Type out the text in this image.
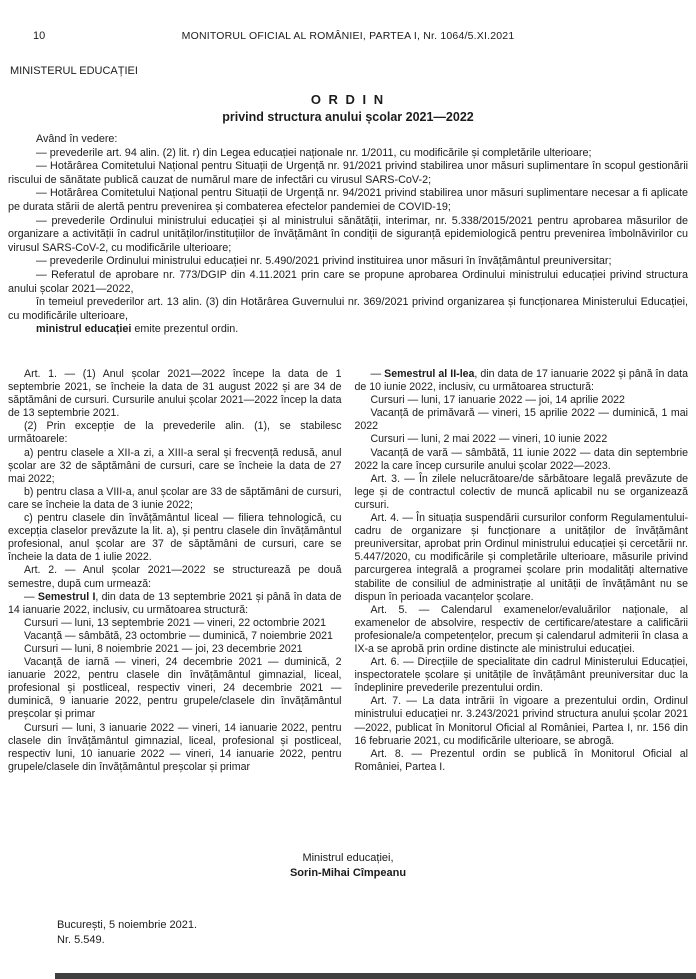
10	MONITORUL OFICIAL AL ROMÂNIEI, PARTEA I, Nr. 1064/5.XI.2021
MINISTERUL EDUCAȚIEI
O R D I N
privind structura anului școlar 2021—2022

Având în vedere:

— prevederile art. 94 alin. (2) lit. r) din Legea educației naționale nr. 1/2011, cu modificările și completările ulterioare;

— Hotărârea Comitetului Național pentru Situații de Urgență nr. 91/2021 privind stabilirea unor măsuri suplimentare în scopul gestionării riscului de sănătate publică cauzat de numărul mare de infectări cu virusul SARS-CoV-2;

— Hotărârea Comitetului Național pentru Situații de Urgență nr. 94/2021 privind stabilirea unor măsuri suplimentare necesar a fi aplicate pe durata stării de alertă pentru prevenirea și combaterea efectelor pandemiei de COVID-19;

— prevederile Ordinului ministrului educației și al ministrului sănătății, interimar, nr. 5.338/2015/2021 pentru aprobarea măsurilor de organizare a activității în cadrul unităților/instituțiilor de învățământ în condiții de siguranță epidemiologică pentru prevenirea îmbolnăvirilor cu virusul SARS-CoV-2, cu modificările ulterioare;

— prevederile Ordinului ministrului educației nr. 5.490/2021 privind instituirea unor măsuri în învățământul preuniversitar;

— Referatul de aprobare nr. 773/DGIP din 4.11.2021 prin care se propune aprobarea Ordinului ministrului educației privind structura anului școlar 2021—2022,

în temeiul prevederilor art. 13 alin. (3) din Hotărârea Guvernului nr. 369/2021 privind organizarea și funcționarea Ministerului Educației, cu modificările ulterioare,

ministrul educației emite prezentul ordin.

Art. 1. — (1) Anul școlar 2021—2022 începe la data de 1 septembrie 2021, se încheie la data de 31 august 2022 și are 34 de săptămâni de cursuri. Cursurile anului școlar 2021—2022 încep la data de 13 septembrie 2021.

(2) Prin excepție de la prevederile alin. (1), se stabilesc următoarele:

a) pentru clasele a XII-a zi, a XIII-a seral și frecvență redusă, anul școlar are 32 de săptămâni de cursuri, care se încheie la data de 27 mai 2022;

b) pentru clasa a VIII-a, anul școlar are 33 de săptămâni de cursuri, care se încheie la data de 3 iunie 2022;

c) pentru clasele din învățământul liceal — filiera tehnologică, cu excepția claselor prevăzute la lit. a), și pentru clasele din învățământul profesional, anul școlar are 37 de săptămâni de cursuri, care se încheie la data de 1 iulie 2022.

Art. 2. — Anul școlar 2021—2022 se structurează pe două semestre, după cum urmează:

— Semestrul I, din data de 13 septembrie 2021 și până în data de 14 ianuarie 2022, inclusiv, cu următoarea structură:

Cursuri — luni, 13 septembrie 2021 — vineri, 22 octombrie 2021

Vacanță — sâmbătă, 23 octombrie — duminică, 7 noiembrie 2021

Cursuri — luni, 8 noiembrie 2021 — joi, 23 decembrie 2021

Vacanță de iarnă — vineri, 24 decembrie 2021 — duminică, 2 ianuarie 2022, pentru clasele din învățământul gimnazial, liceal, profesional și postliceal, respectiv vineri, 24 decembrie 2021 — duminică, 9 ianuarie 2022, pentru grupele/clasele din învățământul preșcolar și primar

Cursuri — luni, 3 ianuarie 2022 — vineri, 14 ianuarie 2022, pentru clasele din învățământul gimnazial, liceal, profesional și postliceal, respectiv luni, 10 ianuarie 2022 — vineri, 14 ianuarie 2022, pentru grupele/clasele din învățământul preșcolar și primar

— Semestrul al II-lea, din data de 17 ianuarie 2022 și până în data de 10 iunie 2022, inclusiv, cu următoarea structură:

Cursuri — luni, 17 ianuarie 2022 — joi, 14 aprilie 2022

Vacanță de primăvară — vineri, 15 aprilie 2022 — duminică, 1 mai 2022

Cursuri — luni, 2 mai 2022 — vineri, 10 iunie 2022

Vacanță de vară — sâmbătă, 11 iunie 2022 — data din septembrie 2022 la care încep cursurile anului școlar 2022—2023.

Art. 3. — În zilele nelucrătoare/de sărbătoare legală prevăzute de lege și de contractul colectiv de muncă aplicabil nu se organizează cursuri.

Art. 4. — În situația suspendării cursurilor conform Regulamentului-cadru de organizare și funcționare a unităților de învățământ preuniversitar, aprobat prin Ordinul ministrului educației și cercetării nr. 5.447/2020, cu modificările și completările ulterioare, măsurile privind parcurgerea integrală a programei școlare prin modalități alternative stabilite de consiliul de administrație al unității de învățământ nu se dispun în perioada vacanțelor școlare.

Art. 5. — Calendarul examenelor/evaluărilor naționale, al examenelor de absolvire, respectiv de certificare/atestare a calificării profesionale/a competențelor, precum și calendarul admiterii în clasa a IX-a se aprobă prin ordine distincte ale ministrului educației.

Art. 6. — Direcțiile de specialitate din cadrul Ministerului Educației, inspectoratele școlare și unitățile de învățământ preuniversitar duc la îndeplinire prevederile prezentului ordin.

Art. 7. — La data intrării în vigoare a prezentului ordin, Ordinul ministrului educației nr. 3.243/2021 privind structura anului școlar 2021—2022, publicat în Monitorul Oficial al României, Partea I, nr. 156 din 16 februarie 2021, cu modificările ulterioare, se abrogă.

Art. 8. — Prezentul ordin se publică în Monitorul Oficial al României, Partea I.

Ministrul educației,
Sorin-Mihai Cîmpeanu
București, 5 noiembrie 2021.
Nr. 5.549.
